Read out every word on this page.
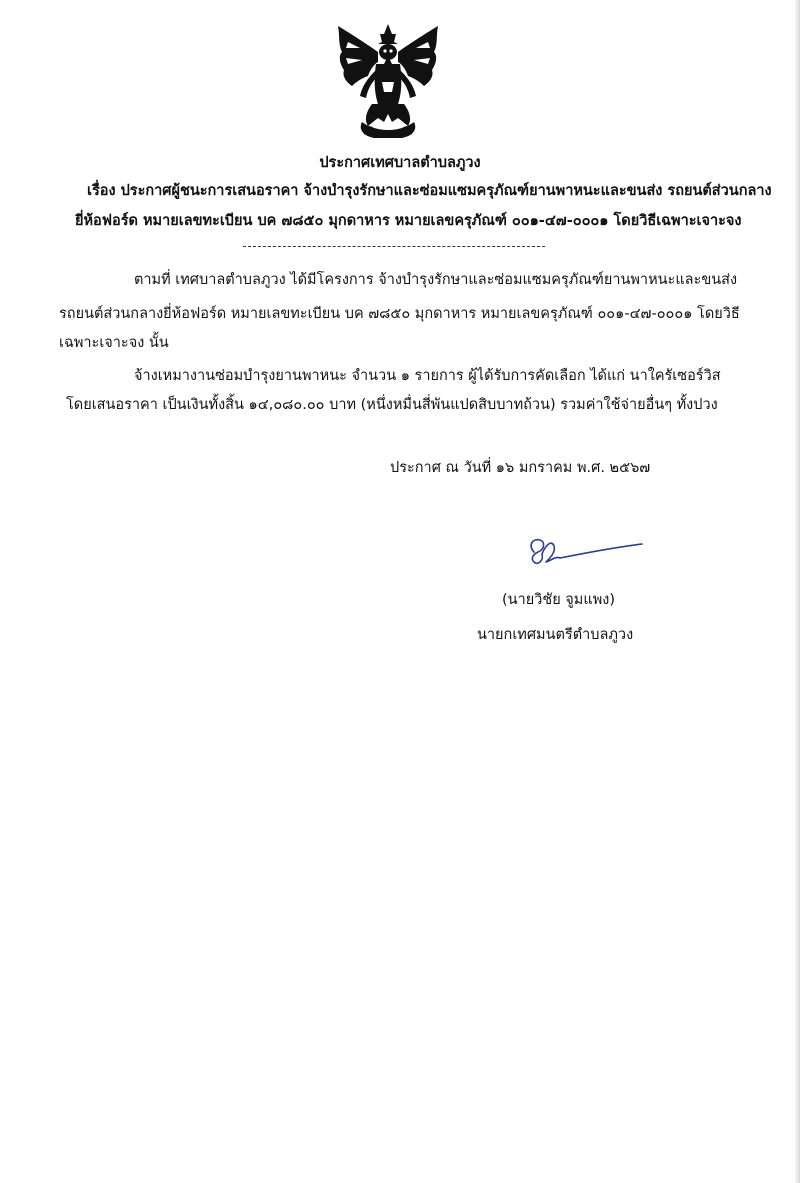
ประกาศเทศบาลตำบลภูวง
เรื่อง ประกาศผู้ชนะการเสนอราคา จ้างบำรุงรักษาและซ่อมแซมครุภัณฑ์ยานพาหนะและขนส่ง รถยนต์ส่วนกลาง
ยี่ห้อฟอร์ด หมายเลขทะเบียน บค ๗๘๕๐ มุกดาหาร หมายเลขครุภัณฑ์ ๐๐๑-๔๗-๐๐๐๑ โดยวิธีเฉพาะเจาะจง
ตามที่ เทศบาลตำบลภูวง ได้มีโครงการ จ้างบำรุงรักษาและซ่อมแซมครุภัณฑ์ยานพาหนะและขนส่ง
รถยนต์ส่วนกลางยี่ห้อฟอร์ด หมายเลขทะเบียน บค ๗๘๕๐ มุกดาหาร หมายเลขครุภัณฑ์ ๐๐๑-๔๗-๐๐๐๑ โดยวิธี
เฉพาะเจาะจง นั้น
จ้างเหมางานซ่อมบำรุงยานพาหนะ จำนวน ๑ รายการ ผู้ได้รับการคัดเลือก ได้แก่ นาใครัเซอร์วิส
โดยเสนอราคา เป็นเงินทั้งสิ้น ๑๔,๐๘๐.๐๐ บาท (หนึ่งหมื่นสี่พันแปดสิบบาทถ้วน) รวมค่าใช้จ่ายอื่นๆ ทั้งปวง
ประกาศ ณ วันที่ ๑๖ มกราคม พ.ศ. ๒๕๖๗
(นายวิชัย จูมแพง)
นายกเทศมนตรีตำบลภูวง
